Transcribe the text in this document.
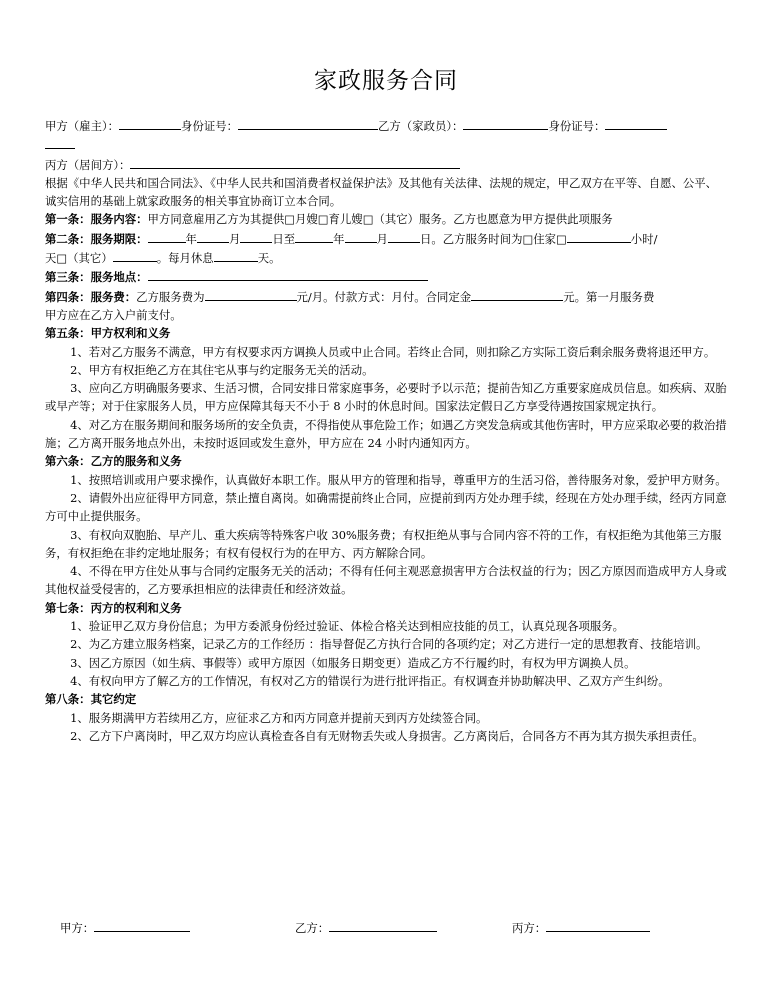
家政服务合同
甲方（雇主）：	身份证号：	乙方（家政员）：	身份证号：
丙方（居间方）：
根据《中华人民共和国合同法》、《中华人民共和国消费者权益保护法》及其他有关法律、法规的规定，甲乙双方在平等、自愿、公平、诚实信用的基础上就家政服务的相关事宜协商订立本合同。
第一条：服务内容：甲方同意雇用乙方为其提供□月嫂□育儿嫂□（其它）服务。乙方也愿意为甲方提供此项服务
第二条：服务期限：	年	月	日至	年	月	日。乙方服务时间为□住家□	小时/
天□（其它）	。每月休息	天。
第三条：服务地点：
第四条：服务费：乙方服务费为	元/月。付款方式：月付。合同定金	元。第一月服务费
甲方应在乙方入户前支付。
第五条：甲方权利和义务
1、若对乙方服务不满意，甲方有权要求丙方调换人员或中止合同。若终止合同，则扣除乙方实际工资后剩余服务费将退还甲方。
2、甲方有权拒绝乙方在其住宅从事与约定服务无关的活动。
3、应向乙方明确服务要求、生活习惯，合同安排日常家庭事务，必要时予以示范；提前告知乙方重要家庭成员信息。如疾病、双胎或早产等；对于住家服务人员，甲方应保障其每天不小于 8 小时的休息时间。国家法定假日乙方享受待遇按国家规定执行。
4、对乙方在服务期间和服务场所的安全负责，不得指使从事危险工作；如遇乙方突发急病或其他伤害时，甲方应采取必要的救治措施；乙方离开服务地点外出，未按时返回或发生意外，甲方应在 24 小时内通知丙方。
第六条：乙方的服务和义务
1、按照培训或用户要求操作，认真做好本职工作。服从甲方的管理和指导，尊重甲方的生活习俗，善待服务对象，爱护甲方财务。
2、请假外出应征得甲方同意，禁止擅自离岗。如确需提前终止合同，应提前到丙方处办理手续，经现在方处办理手续，经丙方同意方可中止提供服务。
3、有权向双胞胎、早产儿、重大疾病等特殊客户收 30%服务费；有权拒绝从事与合同内容不符的工作，有权拒绝为其他第三方服务，有权拒绝在非约定地址服务；有权有侵权行为的在甲方、丙方解除合同。
4、不得在甲方住处从事与合同约定服务无关的活动；不得有任何主观恶意损害甲方合法权益的行为；因乙方原因而造成甲方人身或其他权益受侵害的，乙方要承担相应的法律责任和经济效益。
第七条：丙方的权利和义务
1、验证甲乙双方身份信息；为甲方委派身份经过验证、体检合格关达到相应技能的员工，认真兑现各项服务。
2、为乙方建立服务档案，记录乙方的工作经历 ：指导督促乙方执行合同的各项约定；对乙方进行一定的思想教育、技能培训。
3、因乙方原因（如生病、事假等）或甲方原因（如服务日期变更）造成乙方不行履约时，有权为甲方调换人员。
4、有权向甲方了解乙方的工作情况，有权对乙方的错误行为进行批评指正。有权调查并协助解决甲、乙双方产生纠纷。
第八条：其它约定
1、服务期满甲方若续用乙方，应征求乙方和丙方同意并提前天到丙方处续签合同。
2、乙方下户离岗时，甲乙双方均应认真检查各自有无财物丢失或人身损害。乙方离岗后，合同各方不再为其方损失承担责任。
甲方：	乙方：	丙方：
